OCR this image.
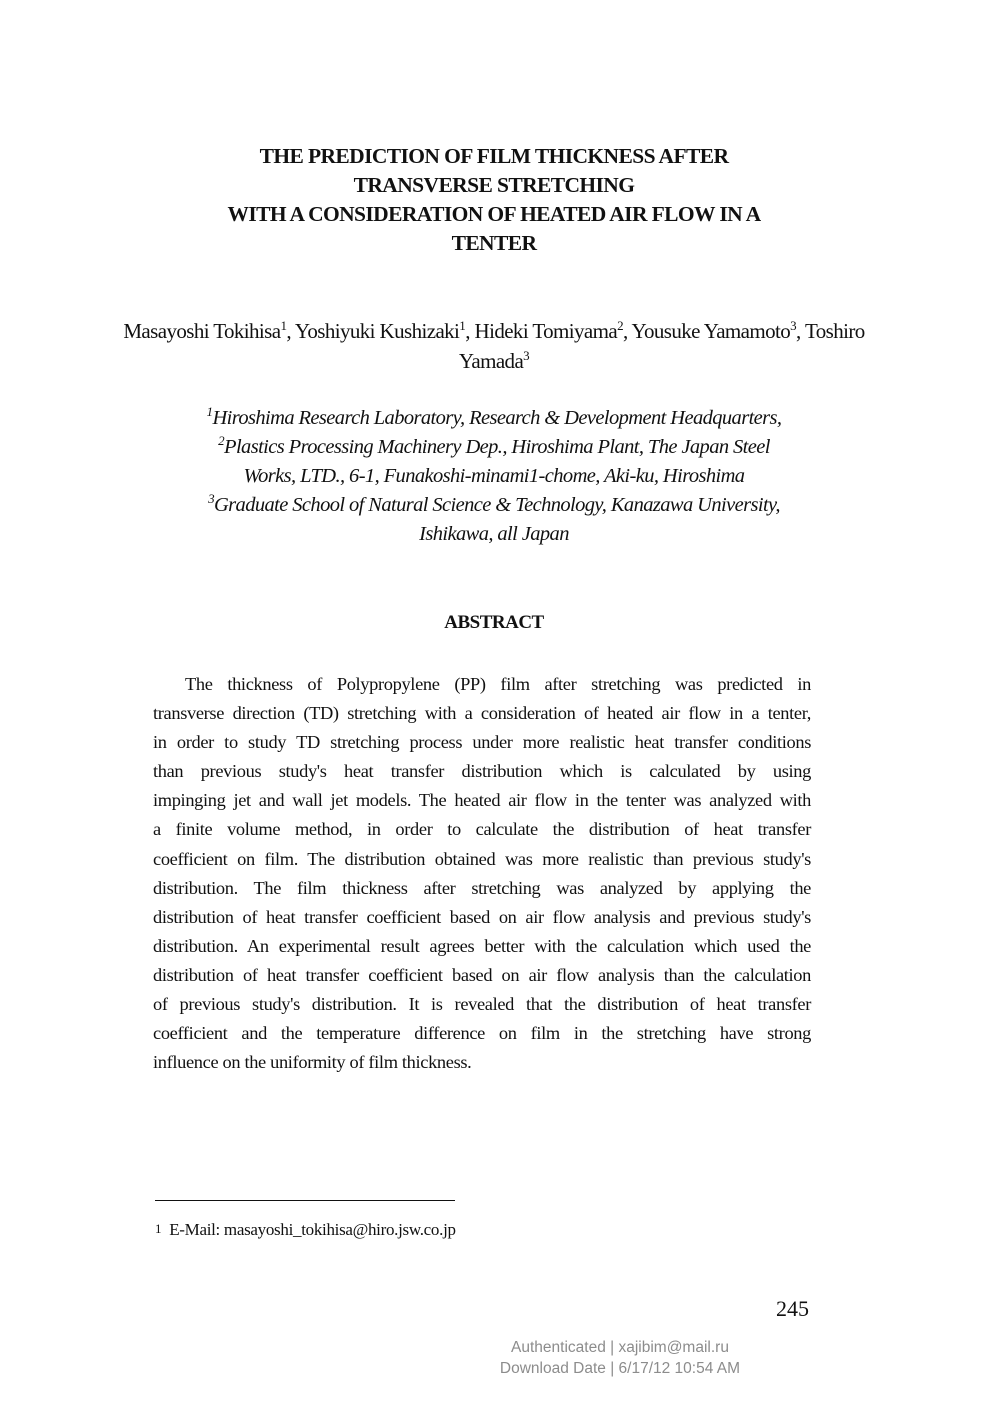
THE PREDICTION OF FILM THICKNESS AFTER
TRANSVERSE STRETCHING
WITH A CONSIDERATION OF HEATED AIR FLOW IN A
TENTER
Masayoshi Tokihisa$^1$, Yoshiyuki Kushizaki$^1$, Hideki Tomiyama$^2$, Yousuke Yamamoto$^3$, Toshiro Yamada$^3$
$^1$Hiroshima Research Laboratory, Research & Development Headquarters,
$^2$Plastics Processing Machinery Dep., Hiroshima Plant, The Japan Steel
Works, LTD., 6-1, Funakoshi-minami1-chome, Aki-ku, Hiroshima
$^3$Graduate School of Natural Science & Technology, Kanazawa University,
Ishikawa, all Japan
ABSTRACT
The thickness of Polypropylene (PP) film after stretching was predicted in
transverse direction (TD) stretching with a consideration of heated air flow in a tenter,
in order to study TD stretching process under more realistic heat transfer conditions
than previous study's heat transfer distribution which is calculated by using
impinging jet and wall jet models. The heated air flow in the tenter was analyzed with
a finite volume method, in order to calculate the distribution of heat transfer
coefficient on film. The distribution obtained was more realistic than previous study's
distribution. The film thickness after stretching was analyzed by applying the
distribution of heat transfer coefficient based on air flow analysis and previous study's
distribution. An experimental result agrees better with the calculation which used the
distribution of heat transfer coefficient based on air flow analysis than the calculation
of previous study's distribution. It is revealed that the distribution of heat transfer
coefficient and the temperature difference on film in the stretching have strong
influence on the uniformity of film thickness.
$^1$ E-Mail: masayoshi_tokihisa@hiro.jsw.co.jp
245
Authenticated | xajibim@mail.ru
Download Date | 6/17/12 10:54 AM
